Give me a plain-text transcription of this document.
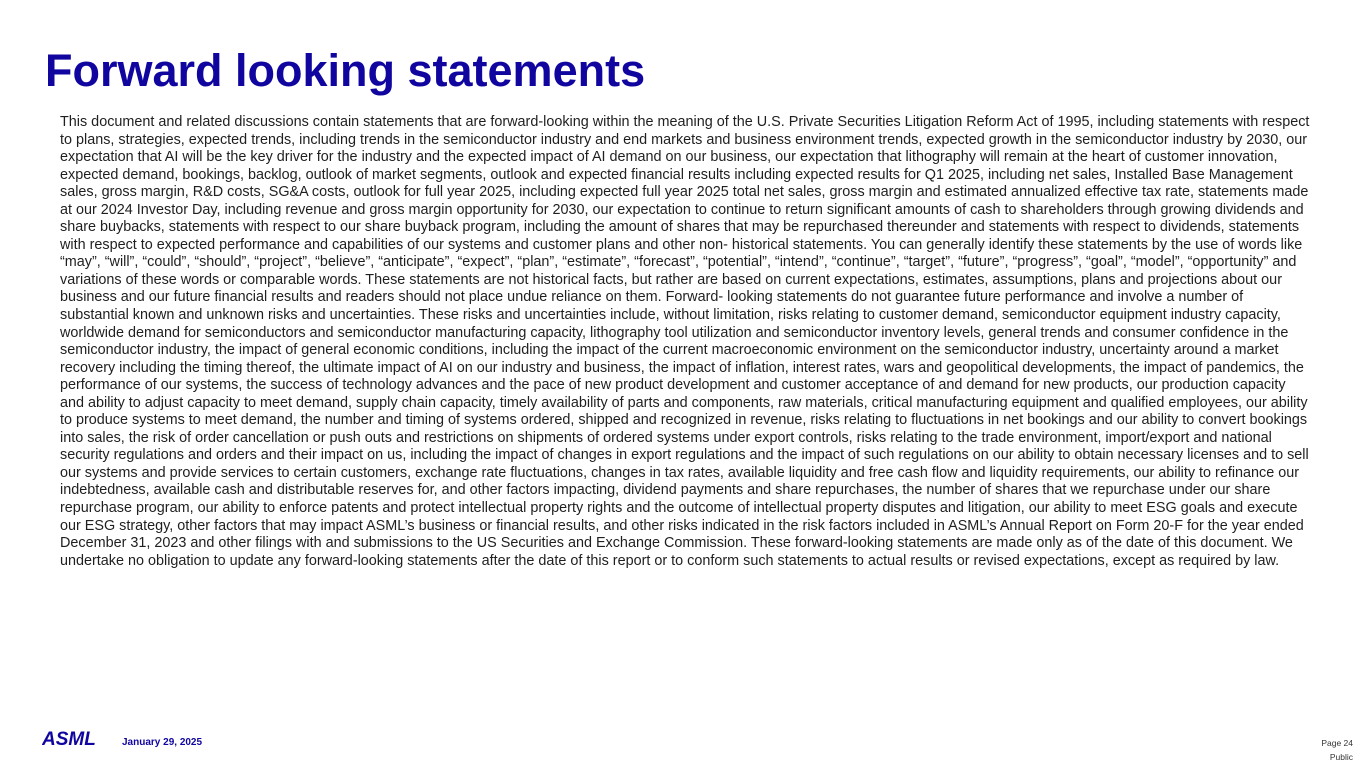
Forward looking statements

This document and related discussions contain statements that are forward-looking within the meaning of the U.S. Private Securities Litigation Reform Act of 1995, including statements with respect to plans, strategies, expected trends, including trends in the semiconductor industry and end markets and business environment trends, expected growth in the semiconductor industry by 2030, our expectation that AI will be the key driver for the industry and the expected impact of AI demand on our business, our expectation that lithography will remain at the heart of customer innovation, expected demand, bookings, backlog, outlook of market segments, outlook and expected financial results including expected results for Q1 2025, including net sales, Installed Base Management sales, gross margin, R&D costs, SG&A costs, outlook for full year 2025, including expected full year 2025 total net sales, gross margin and estimated annualized effective tax rate, statements made at our 2024 Investor Day, including revenue and gross margin opportunity for 2030, our expectation to continue to return significant amounts of cash to shareholders through growing dividends and share buybacks, statements with respect to our share buyback program, including the amount of shares that may be repurchased thereunder and statements with respect to dividends, statements with respect to expected performance and capabilities of our systems and customer plans and other non- historical statements. You can generally identify these statements by the use of words like “may”, “will”, “could”, “should”, “project”, “believe”, “anticipate”, “expect”, “plan”, “estimate”, “forecast”, “potential”, “intend”, “continue”, “target”, “future”, “progress”, “goal”, “model”, “opportunity” and variations of these words or comparable words. These statements are not historical facts, but rather are based on current expectations, estimates, assumptions, plans and projections about our business and our future financial results and readers should not place undue reliance on them. Forward- looking statements do not guarantee future performance and involve a number of substantial known and unknown risks and uncertainties. These risks and uncertainties include, without limitation, risks relating to customer demand, semiconductor equipment industry capacity, worldwide demand for semiconductors and semiconductor manufacturing capacity, lithography tool utilization and semiconductor inventory levels, general trends and consumer confidence in the semiconductor industry, the impact of general economic conditions, including the impact of the current macroeconomic environment on the semiconductor industry, uncertainty around a market recovery including the timing thereof, the ultimate impact of AI on our industry and business, the impact of inflation, interest rates, wars and geopolitical developments, the impact of pandemics, the performance of our systems, the success of technology advances and the pace of new product development and customer acceptance of and demand for new products, our production capacity and ability to adjust capacity to meet demand, supply chain capacity, timely availability of parts and components, raw materials, critical manufacturing equipment and qualified employees, our ability to produce systems to meet demand, the number and timing of systems ordered, shipped and recognized in revenue, risks relating to fluctuations in net bookings and our ability to convert bookings into sales, the risk of order cancellation or push outs and restrictions on shipments of ordered systems under export controls, risks relating to the trade environment, import/export and national security regulations and orders and their impact on us, including the impact of changes in export regulations and the impact of such regulations on our ability to obtain necessary licenses and to sell our systems and provide services to certain customers, exchange rate fluctuations, changes in tax rates, available liquidity and free cash flow and liquidity requirements, our ability to refinance our indebtedness, available cash and distributable reserves for, and other factors impacting, dividend payments and share repurchases, the number of shares that we repurchase under our share repurchase program, our ability to enforce patents and protect intellectual property rights and the outcome of intellectual property disputes and litigation, our ability to meet ESG goals and execute our ESG strategy, other factors that may impact ASML’s business or financial results, and other risks indicated in the risk factors included in ASML’s Annual Report on Form 20-F for the year ended December 31, 2023 and other filings with and submissions to the US Securities and Exchange Commission. These forward-looking statements are made only as of the date of this document. We undertake no obligation to update any forward-looking statements after the date of this report or to conform such statements to actual results or revised expectations, except as required by law.

ASML	January 29, 2025	Page 24
Public
